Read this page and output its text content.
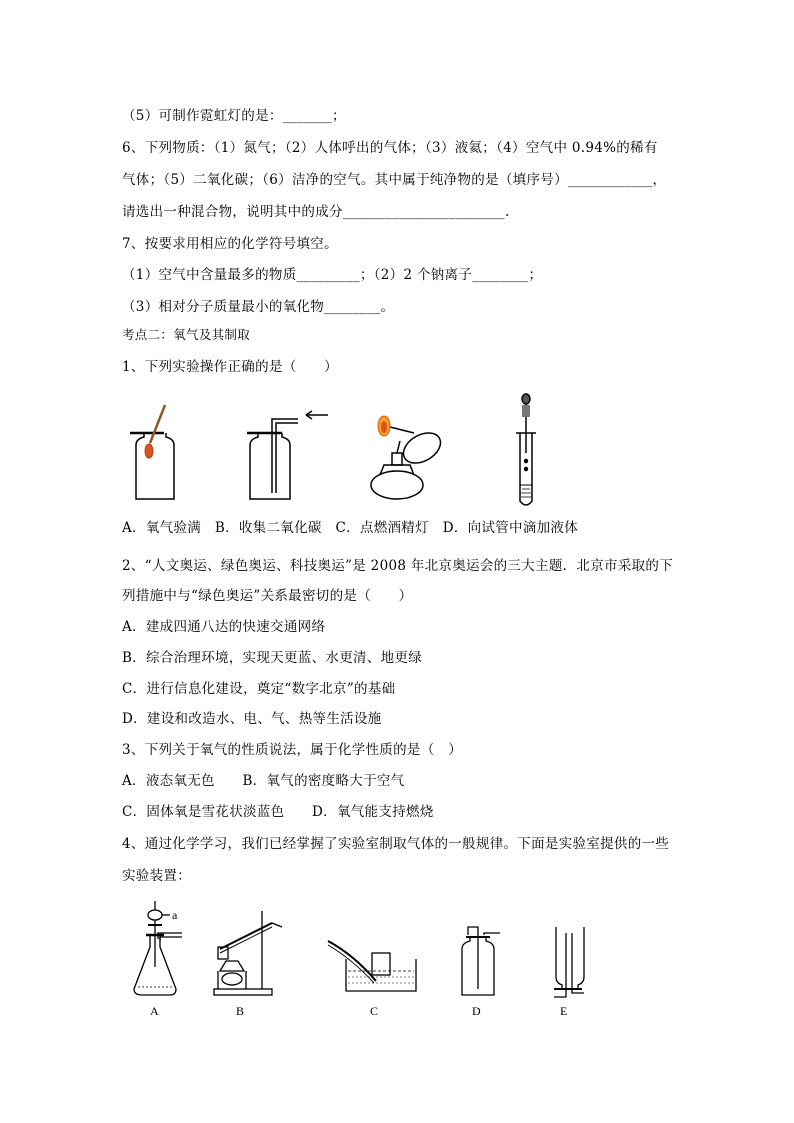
（5）可制作霓虹灯的是：_______；
6、下列物质：（1）氮气；（2）人体呼出的气体；（3）液氦；（4）空气中 0.94%的稀有
气体；（5）二氧化碳；（6）洁净的空气。其中属于纯净物的是（填序号）____________，
请选出一种混合物，说明其中的成分_______________________.
7、按要求用相应的化学符号填空。
（1）空气中含量最多的物质_________；（2）2 个钠离子________；
（3）相对分子质量最小的氧化物________。
考点二：氧气及其制取
1、下列实验操作正确的是（　　）
A．氧气验满　B．收集二氧化碳　C．点燃酒精灯　D．向试管中滴加液体
2、“人文奥运、绿色奥运、科技奥运”是 2008 年北京奥运会的三大主题．北京市采取的下
列措施中与“绿色奥运”关系最密切的是（　　）
A．建成四通八达的快速交通网络
B．综合治理环境，实现天更蓝、水更清、地更绿
C．进行信息化建设，奠定“数字北京”的基础
D．建设和改造水、电、气、热等生活设施
3、下列关于氧气的性质说法，属于化学性质的是（　）
A．液态氧无色　　B．氧气的密度略大于空气
C．固体氧是雪花状淡蓝色　　D．氧气能支持燃烧
4、通过化学学习，我们已经掌握了实验室制取气体的一般规律。下面是实验室提供的一些
实验装置：
a
A	B	C	D	E
